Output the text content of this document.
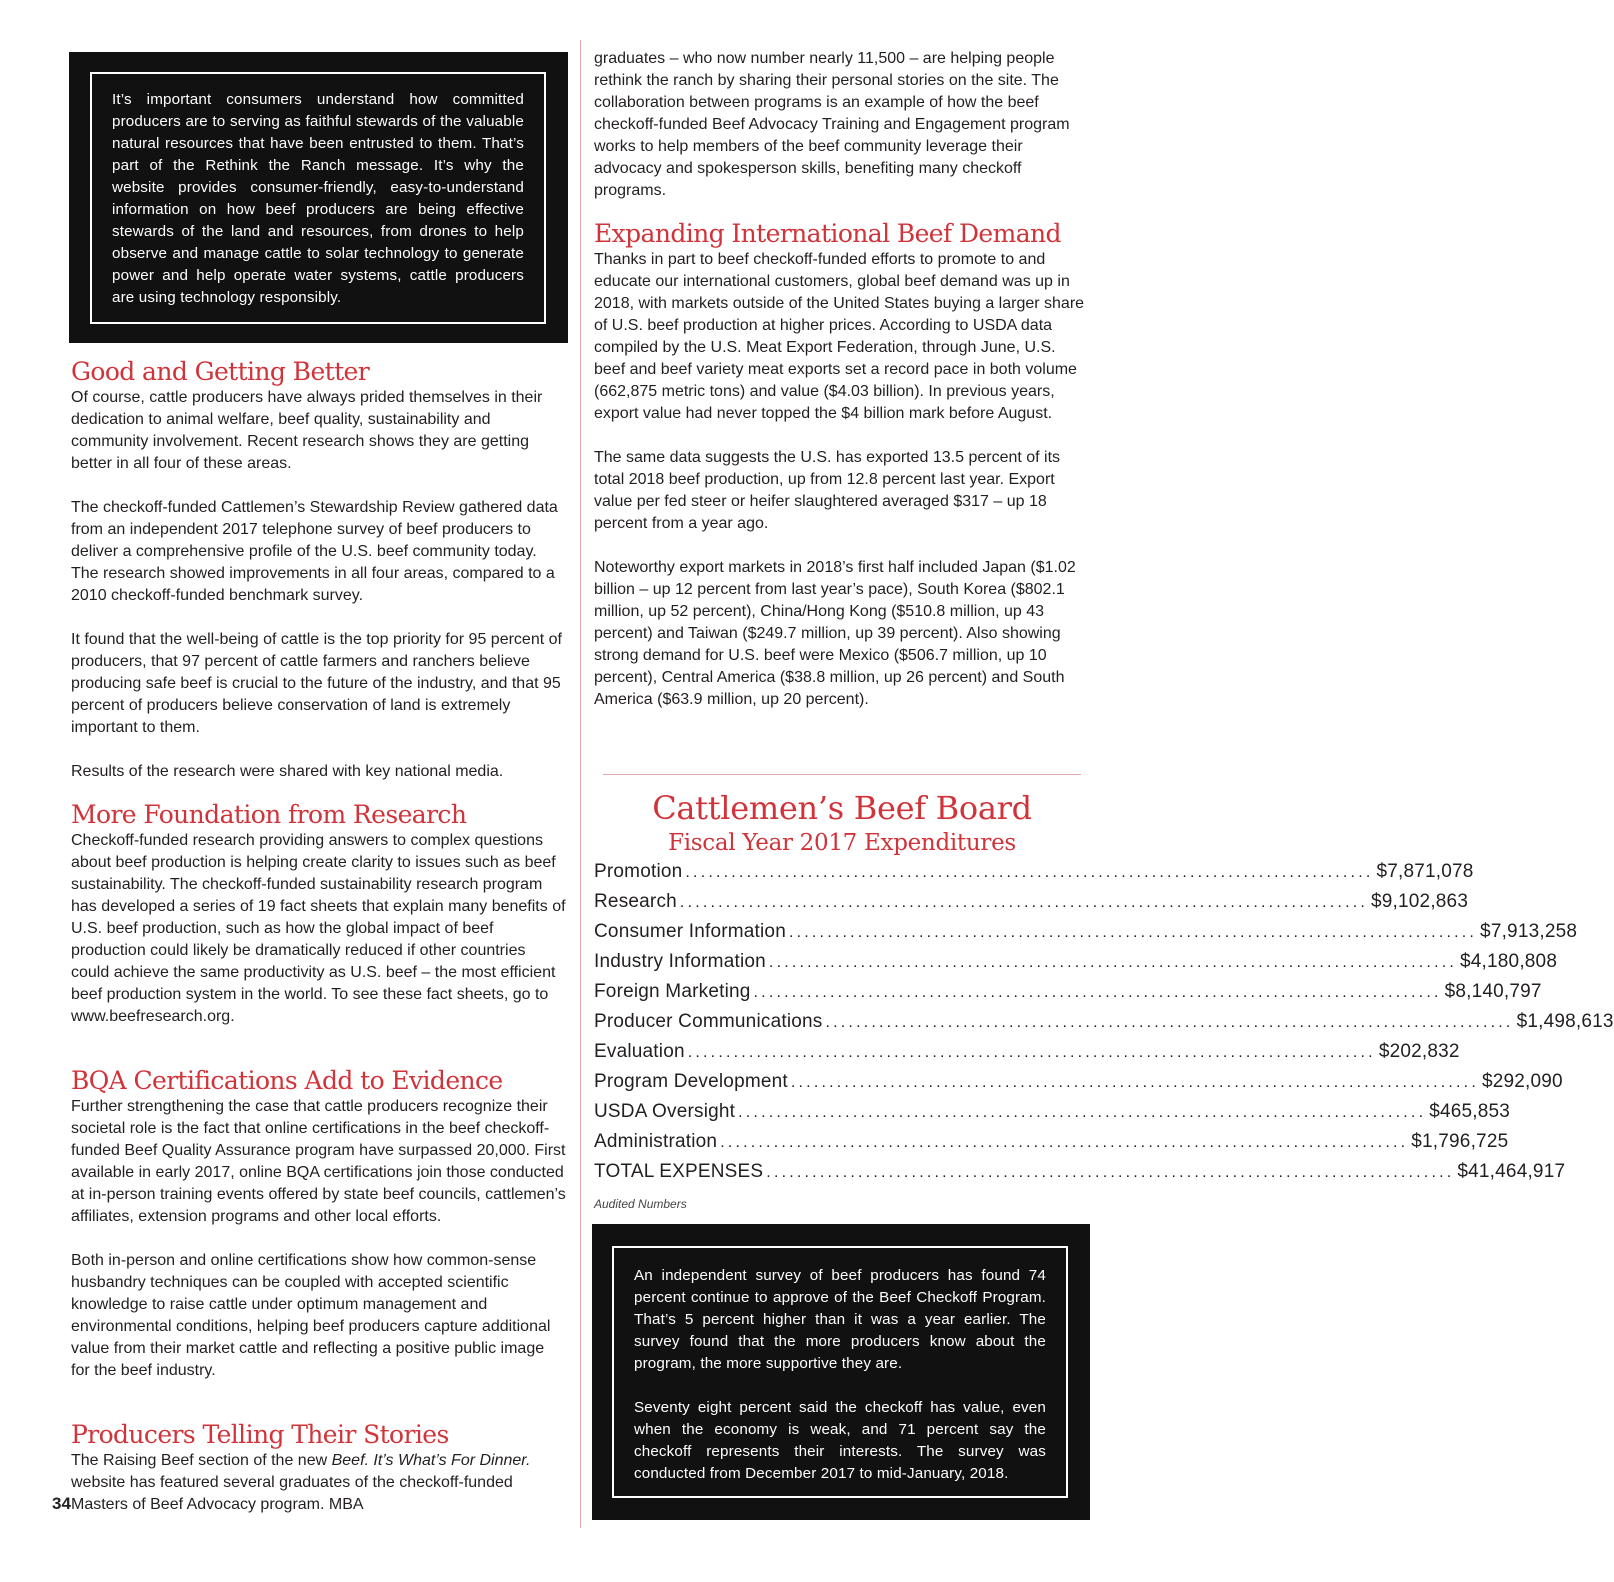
It’s important consumers understand how committed producers are to serving as faithful stewards of the valuable natural resources that have been entrusted to them. That’s part of the Rethink the Ranch message. It’s why the website provides consumer-friendly, easy-to-understand information on how beef producers are being effective stewards of the land and resources, from drones to help observe and manage cattle to solar technology to generate power and help operate water systems, cattle producers are using technology responsibly.

Good and Getting Better

Of course, cattle producers have always prided themselves in their dedication to animal welfare, beef quality, sustainability and community involvement. Recent research shows they are getting better in all four of these areas.

The checkoff-funded Cattlemen’s Stewardship Review gathered data from an independent 2017 telephone survey of beef producers to deliver a comprehensive profile of the U.S. beef community today. The research showed improvements in all four areas, compared to a 2010 checkoff-funded benchmark survey.

It found that the well-being of cattle is the top priority for 95 percent of producers, that 97 percent of cattle farmers and ranchers believe producing safe beef is crucial to the future of the industry, and that 95 percent of producers believe conservation of land is extremely important to them.

Results of the research were shared with key national media.

More Foundation from Research

Checkoff-funded research providing answers to complex questions about beef production is helping create clarity to issues such as beef sustainability. The checkoff-funded sustainability research program has developed a series of 19 fact sheets that explain many benefits of U.S. beef production, such as how the global impact of beef production could likely be dramatically reduced if other countries could achieve the same productivity as U.S. beef – the most efficient beef production system in the world. To see these fact sheets, go to www.beefresearch.org.

BQA Certifications Add to Evidence

Further strengthening the case that cattle producers recognize their societal role is the fact that online certifications in the beef checkoff-funded Beef Quality Assurance program have surpassed 20,000. First available in early 2017, online BQA certifications join those conducted at in-person training events offered by state beef councils, cattlemen’s affiliates, extension programs and other local efforts.

Both in-person and online certifications show how common-sense husbandry techniques can be coupled with accepted scientific knowledge to raise cattle under optimum management and environmental conditions, helping beef producers capture additional value from their market cattle and reflecting a positive public image for the beef industry.

Producers Telling Their Stories

The Raising Beef section of the new Beef. It’s What’s For Dinner. website has featured several graduates of the checkoff-funded Masters of Beef Advocacy program. MBA

34

graduates – who now number nearly 11,500 – are helping people rethink the ranch by sharing their personal stories on the site. The collaboration between programs is an example of how the beef checkoff-funded Beef Advocacy Training and Engagement program works to help members of the beef community leverage their advocacy and spokesperson skills, benefiting many checkoff programs.

Expanding International Beef Demand

Thanks in part to beef checkoff-funded efforts to promote to and educate our international customers, global beef demand was up in 2018, with markets outside of the United States buying a larger share of U.S. beef production at higher prices. According to USDA data compiled by the U.S. Meat Export Federation, through June, U.S. beef and beef variety meat exports set a record pace in both volume (662,875 metric tons) and value ($4.03 billion). In previous years, export value had never topped the $4 billion mark before August.

The same data suggests the U.S. has exported 13.5 percent of its total 2018 beef production, up from 12.8 percent last year. Export value per fed steer or heifer slaughtered averaged $317 – up 18 percent from a year ago.

Noteworthy export markets in 2018’s first half included Japan ($1.02 billion – up 12 percent from last year’s pace), South Korea ($802.1 million, up 52 percent), China/Hong Kong ($510.8 million, up 43 percent) and Taiwan ($249.7 million, up 39 percent). Also showing strong demand for U.S. beef were Mexico ($506.7 million, up 10 percent), Central America ($38.8 million, up 26 percent) and South America ($63.9 million, up 20 percent).

Cattlemen’s Beef Board
Fiscal Year 2017 Expenditures
Promotion .......................................................................................... $7,871,078
Research .......................................................................................... $9,102,863
Consumer Information .......................................................................................... $7,913,258
Industry Information .......................................................................................... $4,180,808
Foreign Marketing .......................................................................................... $8,140,797
Producer Communications .......................................................................................... $1,498,613
Evaluation .......................................................................................... $202,832
Program Development .......................................................................................... $292,090
USDA Oversight .......................................................................................... $465,853
Administration .......................................................................................... $1,796,725
TOTAL EXPENSES .......................................................................................... $41,464,917
Audited Numbers

An independent survey of beef producers has found 74 percent continue to approve of the Beef Checkoff Program. That’s 5 percent higher than it was a year earlier. The survey found that the more producers know about the program, the more supportive they are.

Seventy eight percent said the checkoff has value, even when the economy is weak, and 71 percent say the checkoff represents their interests. The survey was conducted from December 2017 to mid-January, 2018.
